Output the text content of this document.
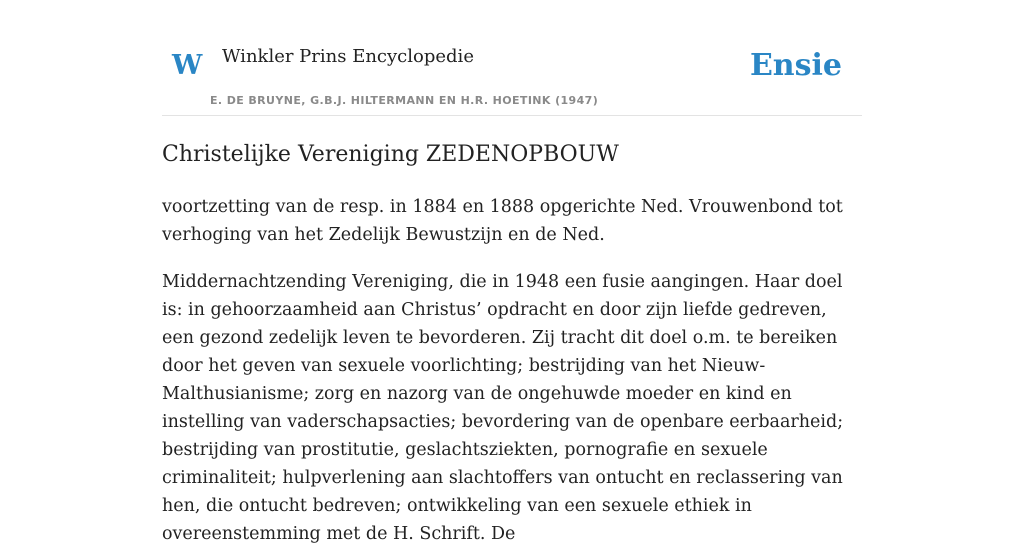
W Winkler Prins Encyclopedie
E. DE BRUYNE, G.B.J. HILTERMANN EN H.R. HOETINK (1947)
Ensie
Christelijke Vereniging ZEDENOPBOUW

voortzetting van de resp. in 1884 en 1888 opgerichte Ned. Vrouwenbond tot verhoging van het Zedelijk Bewustzijn en de Ned.

Middernachtzending Vereniging, die in 1948 een fusie aangingen. Haar doel is: in gehoorzaamheid aan Christus’ opdracht en door zijn liefde gedreven, een gezond zedelijk leven te bevorderen. Zij tracht dit doel o.m. te bereiken door het geven van sexuele voorlichting; bestrijding van het Nieuw-Malthusianisme; zorg en nazorg van de ongehuwde moeder en kind en instelling van vaderschapsacties; bevordering van de openbare eerbaarheid; bestrijding van prostitutie, geslachtsziekten, pornografie en sexuele criminaliteit; hulpverlening aan slachtoffers van ontucht en reclassering van hen, die ontucht bedreven; ontwikkeling van een sexuele ethiek in overeenstemming met de H. Schrift. De
